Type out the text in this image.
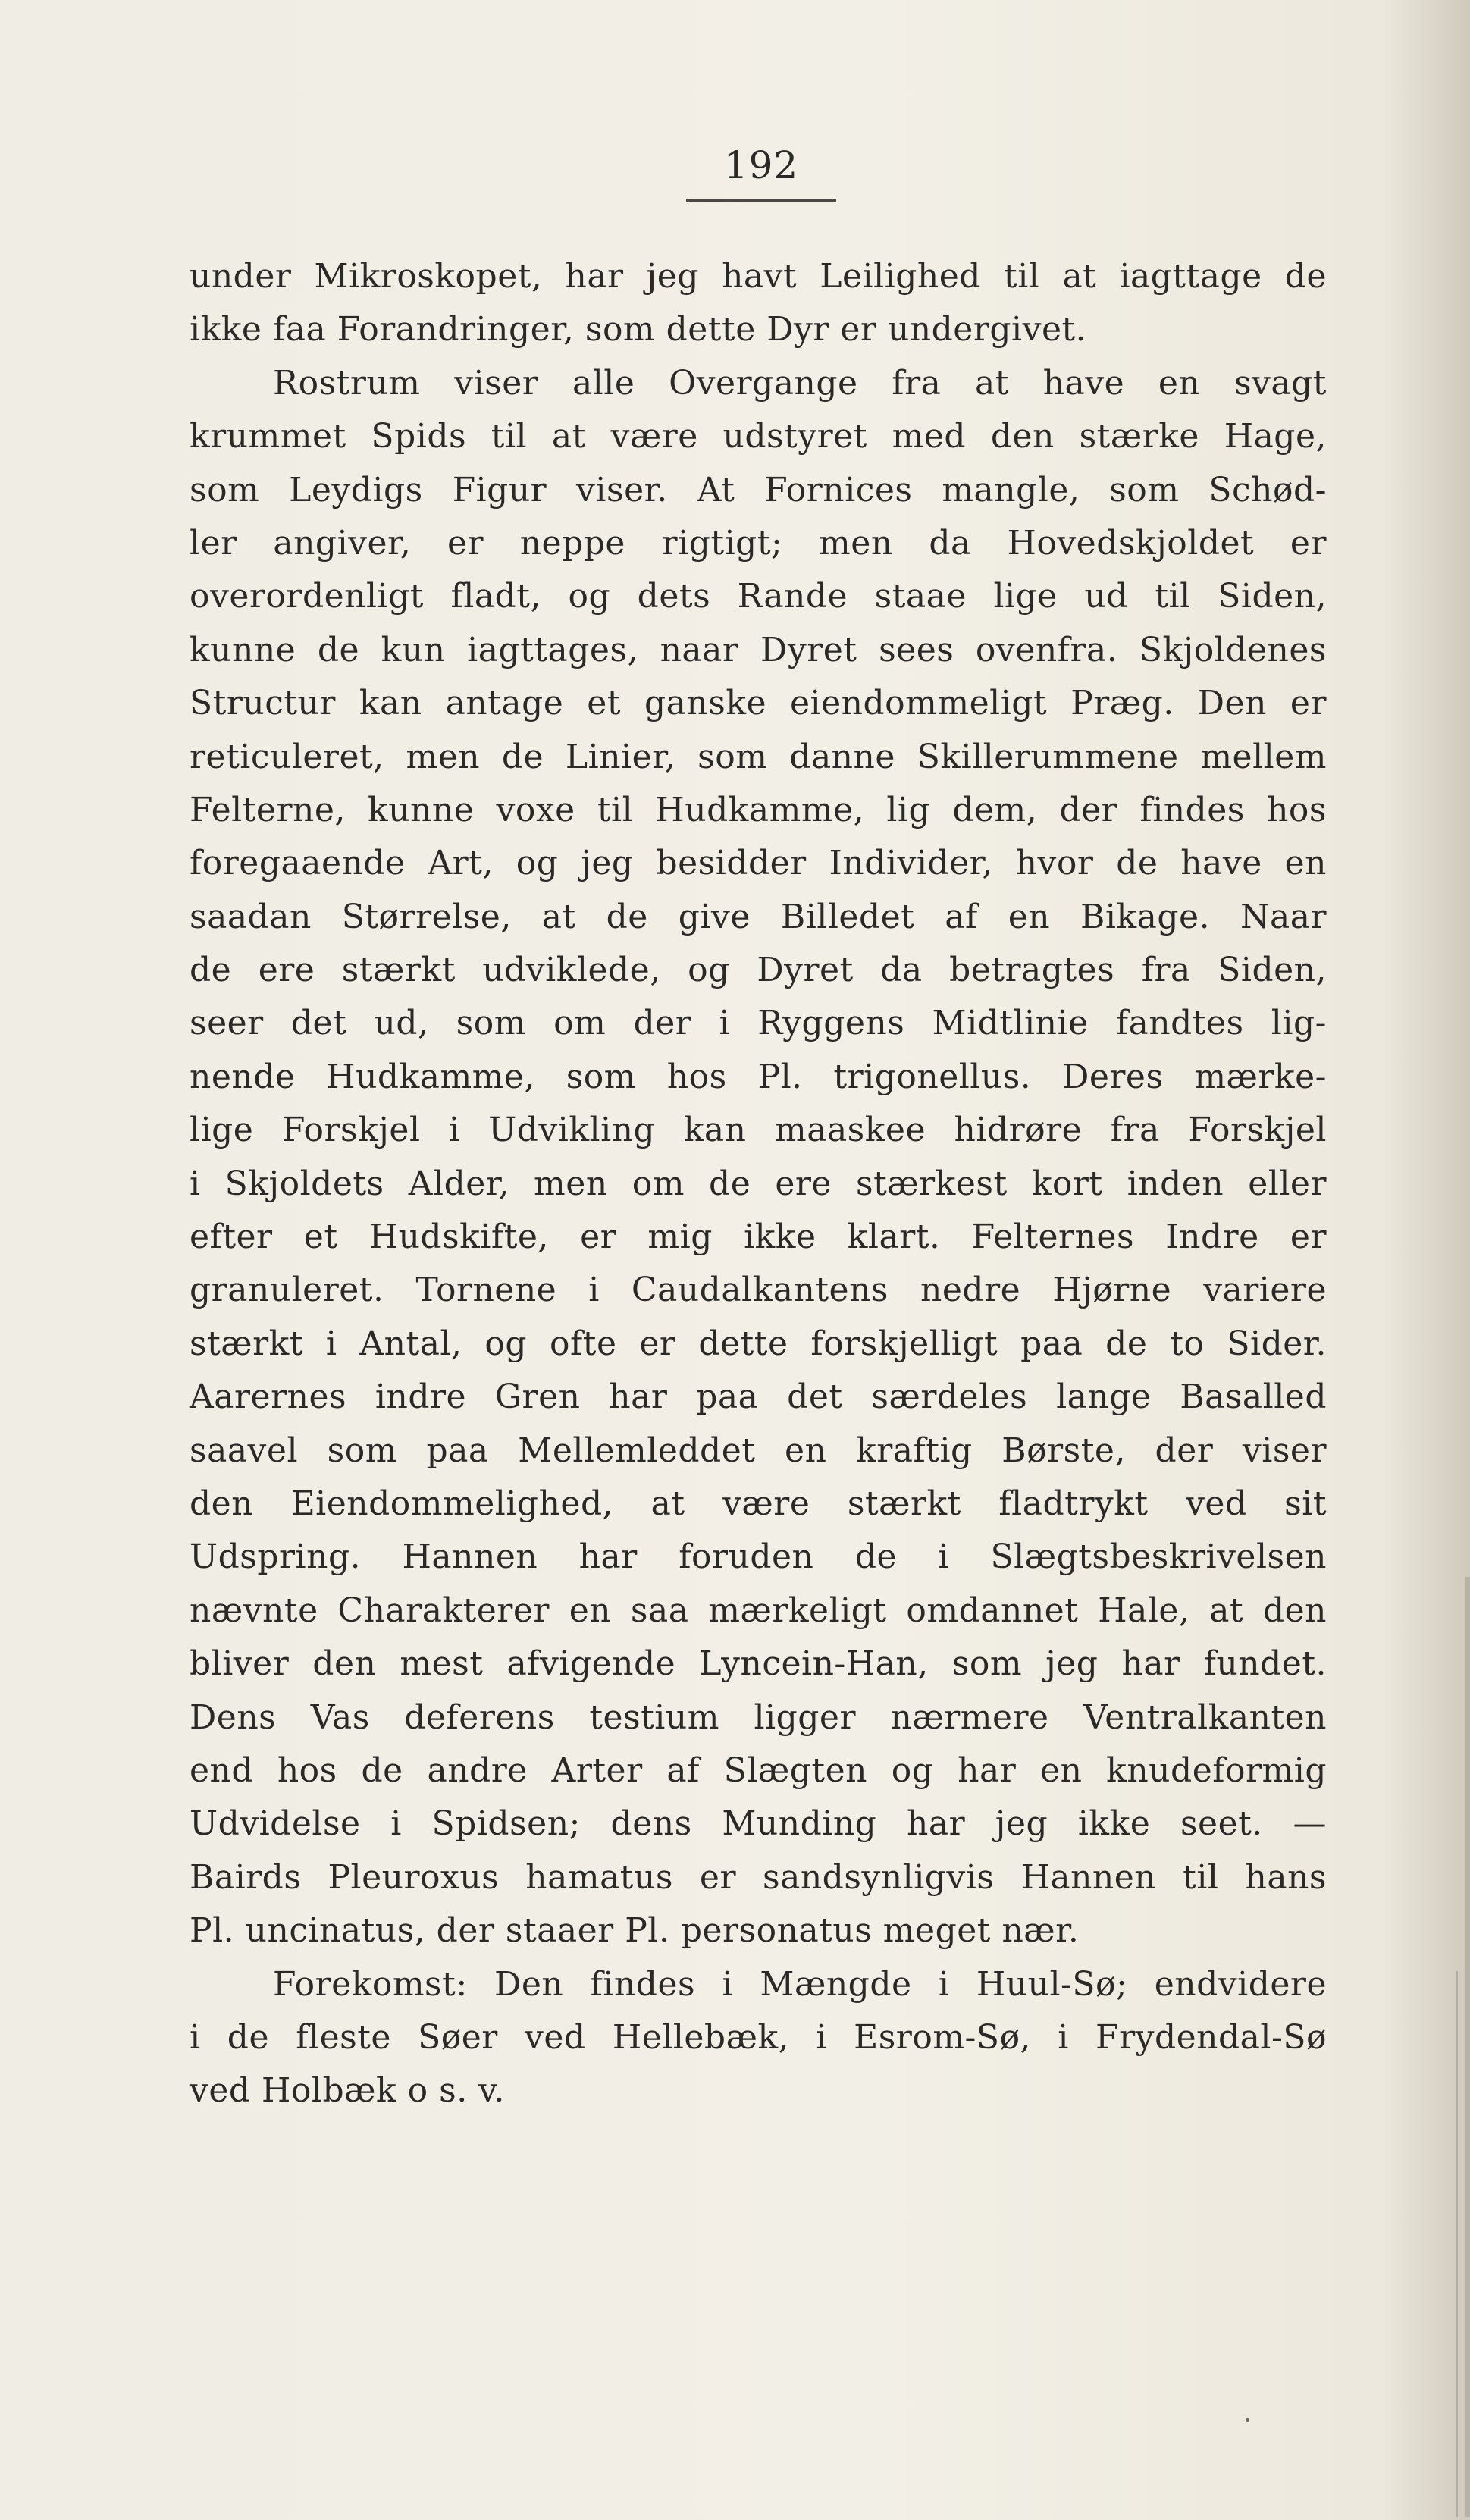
192
under Mikroskopet, har jeg havt Leilighed til at iagttage de
ikke faa Forandringer, som dette Dyr er undergivet.
Rostrum viser alle Overgange fra at have en svagt
krummet Spids til at være udstyret med den stærke Hage,
som Leydigs Figur viser. At Fornices mangle, som Schød-
ler angiver, er neppe rigtigt; men da Hovedskjoldet er
overordenligt fladt, og dets Rande staae lige ud til Siden,
kunne de kun iagttages, naar Dyret sees ovenfra. Skjoldenes
Structur kan antage et ganske eiendommeligt Præg. Den er
reticuleret, men de Linier, som danne Skillerummene mellem
Felterne, kunne voxe til Hudkamme, lig dem, der findes hos
foregaaende Art, og jeg besidder Individer, hvor de have en
saadan Størrelse, at de give Billedet af en Bikage. Naar
de ere stærkt udviklede, og Dyret da betragtes fra Siden,
seer det ud, som om der i Ryggens Midtlinie fandtes lig-
nende Hudkamme, som hos Pl. trigonellus. Deres mærke-
lige Forskjel i Udvikling kan maaskee hidrøre fra Forskjel
i Skjoldets Alder, men om de ere stærkest kort inden eller
efter et Hudskifte, er mig ikke klart. Felternes Indre er
granuleret. Tornene i Caudalkantens nedre Hjørne variere
stærkt i Antal, og ofte er dette forskjelligt paa de to Sider.
Aarernes indre Gren har paa det særdeles lange Basalled
saavel som paa Mellemleddet en kraftig Børste, der viser
den Eiendommelighed, at være stærkt fladtrykt ved sit
Udspring. Hannen har foruden de i Slægtsbeskrivelsen
nævnte Charakterer en saa mærkeligt omdannet Hale, at den
bliver den mest afvigende Lyncein-Han, som jeg har fundet.
Dens Vas deferens testium ligger nærmere Ventralkanten
end hos de andre Arter af Slægten og har en knudeformig
Udvidelse i Spidsen; dens Munding har jeg ikke seet. —
Bairds Pleuroxus hamatus er sandsynligvis Hannen til hans
Pl. uncinatus, der staaer Pl. personatus meget nær.
Forekomst: Den findes i Mængde i Huul-Sø; endvidere
i de fleste Søer ved Hellebæk, i Esrom-Sø, i Frydendal-Sø
ved Holbæk o s. v.
